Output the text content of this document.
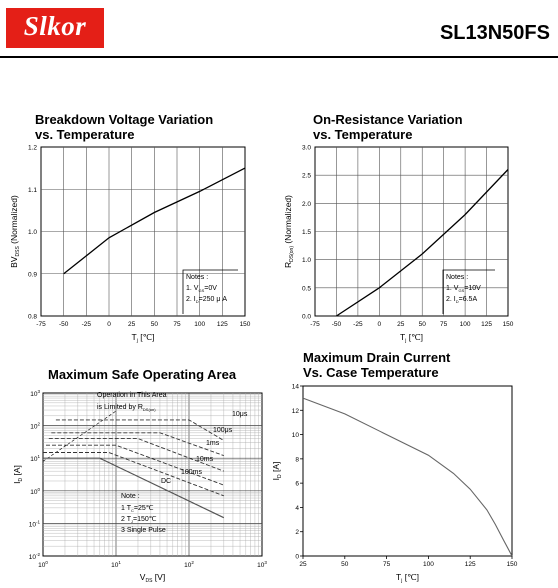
Slkor	SL13N50FS
Breakdown Voltage Variation
vs. Temperature
On-Resistance Variation
vs. Temperature
Maximum Safe Operating Area
Maximum Drain Current
Vs. Case Temperature
-75 -50 -25 0	25 50 75 100 125 150
0.8
0.9
1.0
1.1
1.2
$T_j$ [℃]
$BV_{DSS}$ (Normalized)
Notes :
1. $V_{GS}=0V$
2. $I_D=250$ μ A
-75 -50 -25 0 25 50 75 100 125 150
0.0
0.5
1.0
1.5
2.0
2.5
3.0
$T_j$ [℃]
$R_{DS(on)}$ (Normalized)
Notes :
1. $V_{GS}=10V$
2. $I_D=6.5A$
25	50	75	100	125	150
0
2
4
6
8
10
12
14
$T_j$ [℃]
$I_D$ [A]
$10^0$	$10^1$	$10^2$	$10^3$
$10^{-2}$
$10^{-1}$
$10^0$
$10^1$
$10^2$
$10^3$
10μs
100μs
1ms
10ms
100ms
DC
Operation in This Area
is Limited by $R_{DS(on)}$
Note :
1 $T_C=25℃$
2 $T_J=150℃$
3 Single Pulse
$V_{DS}$ [V]
$I_D$ [A]
